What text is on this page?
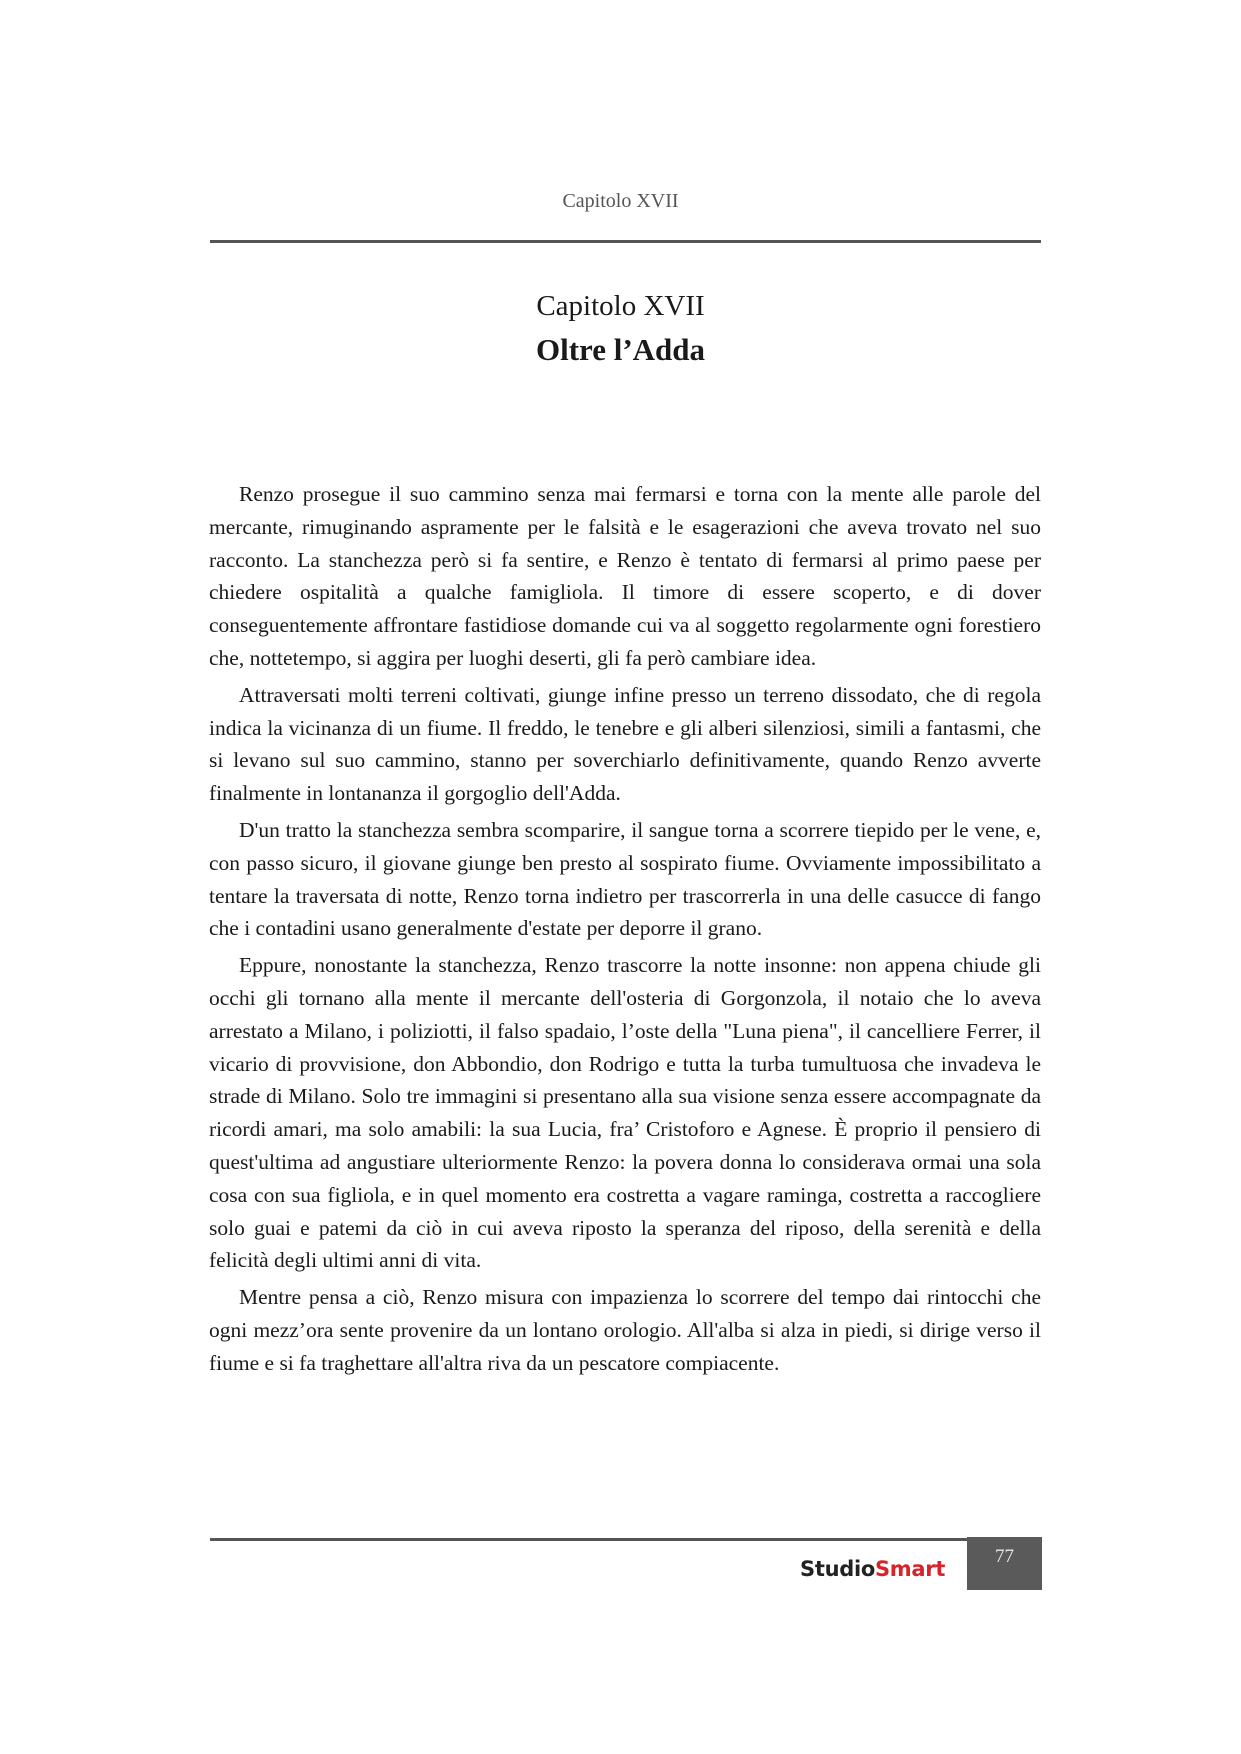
Capitolo XVII
Capitolo XVII
Oltre l’Adda

Renzo prosegue il suo cammino senza mai fermarsi e torna con la mente alle parole del mercante, rimuginando aspramente per le falsità e le esagerazioni che aveva trovato nel suo racconto. La stanchezza però si fa sentire, e Renzo è tentato di fermarsi al primo paese per chiedere ospitalità a qualche famigliola. Il timore di essere scoperto, e di dover conseguentemente affrontare fastidiose domande cui va al soggetto regolarmente ogni forestiero che, nottetempo, si aggira per luoghi deserti, gli fa però cambiare idea.

Attraversati molti terreni coltivati, giunge infine presso un terreno dissodato, che di regola indica la vicinanza di un fiume. Il freddo, le tenebre e gli alberi silenziosi, simili a fantasmi, che si levano sul suo cammino, stanno per soverchiarlo definitivamente, quando Renzo avverte finalmente in lontananza il gorgoglio dell'Adda.

D'un tratto la stanchezza sembra scomparire, il sangue torna a scorrere tiepido per le vene, e, con passo sicuro, il giovane giunge ben presto al sospirato fiume. Ovviamente impossibilitato a tentare la traversata di notte, Renzo torna indietro per trascorrerla in una delle casucce di fango che i contadini usano generalmente d'estate per deporre il grano.

Eppure, nonostante la stanchezza, Renzo trascorre la notte insonne: non appena chiude gli occhi gli tornano alla mente il mercante dell'osteria di Gorgonzola, il notaio che lo aveva arrestato a Milano, i poliziotti, il falso spadaio, l’oste della "Luna piena", il cancelliere Ferrer, il vicario di provvisione, don Abbondio, don Rodrigo e tutta la turba tumultuosa che invadeva le strade di Milano. Solo tre immagini si presentano alla sua visione senza essere accompagnate da ricordi amari, ma solo amabili: la sua Lucia, fra’ Cristoforo e Agnese. È proprio il pensiero di quest'ultima ad angustiare ulteriormente Renzo: la povera donna lo considerava ormai una sola cosa con sua figliola, e in quel momento era costretta a vagare raminga, costretta a raccogliere solo guai e patemi da ciò in cui aveva riposto la speranza del riposo, della serenità e della felicità degli ultimi anni di vita.

Mentre pensa a ciò, Renzo misura con impazienza lo scorrere del tempo dai rintocchi che ogni mezz’ora sente provenire da un lontano orologio. All'alba si alza in piedi, si dirige verso il fiume e si fa traghettare all'altra riva da un pescatore compiacente.

StudioSmart
77
